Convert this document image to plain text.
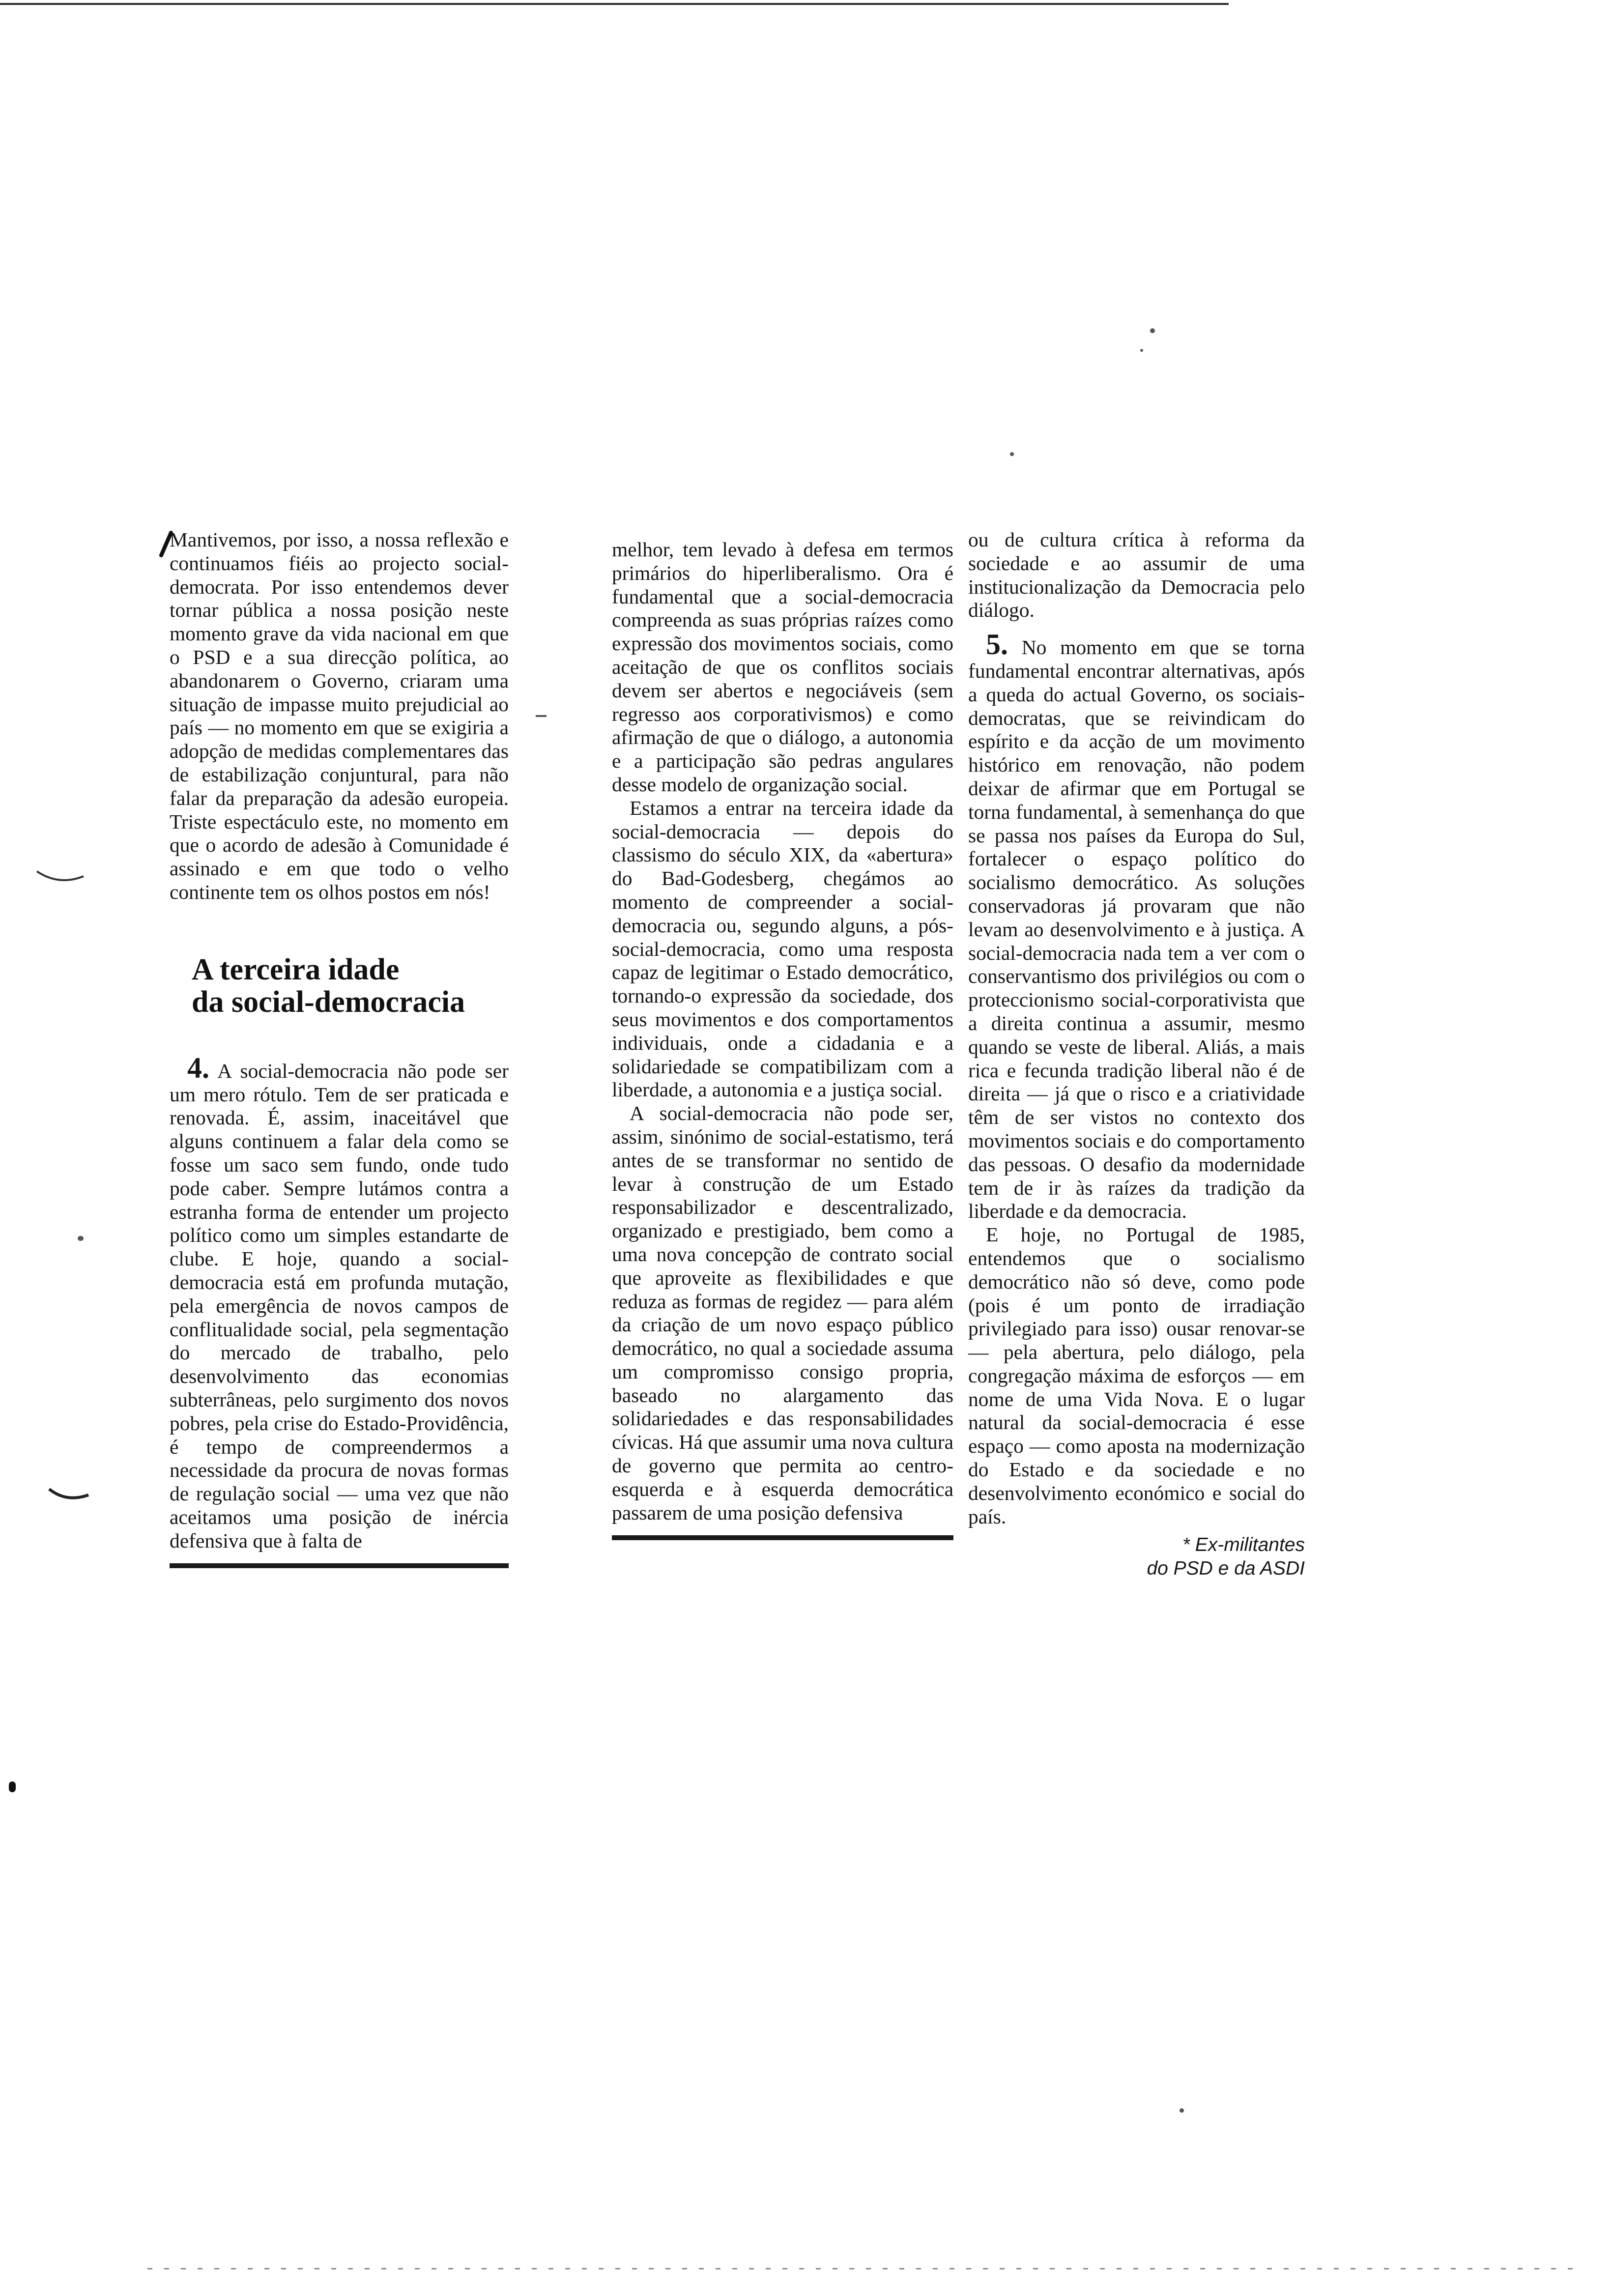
Mantivemos, por isso, a nossa reflexão e continuamos fiéis ao projecto social-democrata. Por isso entendemos dever tornar pública a nossa posição neste momento grave da vida nacional em que o PSD e a sua direcção política, ao abandonarem o Governo, criaram uma situação de impasse muito prejudicial ao país — no momento em que se exigiria a adopção de medidas complementares das de estabilização conjuntural, para não falar da preparação da adesão europeia. Triste espectáculo este, no momento em que o acordo de adesão à Comunidade é assinado e em que todo o velho continente tem os olhos postos em nós!

A terceira idade
da social-democracia

4. A social-democracia não pode ser um mero rótulo. Tem de ser praticada e renovada. É, assim, inaceitável que alguns continuem a falar dela como se fosse um saco sem fundo, onde tudo pode caber. Sempre lutámos contra a estranha forma de entender um projecto político como um simples estandarte de clube. E hoje, quando a social-democracia está em profunda mutação, pela emergência de novos campos de conflitualidade social, pela segmentação do mercado de trabalho, pelo desenvolvimento das economias subterrâneas, pelo surgimento dos novos pobres, pela crise do Estado-Providência, é tempo de compreendermos a necessidade da procura de novas formas de regulação social — uma vez que não aceitamos uma posição de inércia defensiva que à falta de

melhor, tem levado à defesa em termos primários do hiperliberalismo. Ora é fundamental que a social-democracia compreenda as suas próprias raízes como expressão dos movimentos sociais, como aceitação de que os conflitos sociais devem ser abertos e negociáveis (sem regresso aos corporativismos) e como afirmação de que o diálogo, a autonomia e a participação são pedras angulares desse modelo de organização social.

Estamos a entrar na terceira idade da social-democracia — depois do classismo do século XIX, da «abertura» do Bad-Godesberg, chegámos ao momento de compreender a social-democracia ou, segundo alguns, a pós-social-democracia, como uma resposta capaz de legitimar o Estado democrático, tornando-o expressão da sociedade, dos seus movimentos e dos comportamentos individuais, onde a cidadania e a solidariedade se compatibilizam com a liberdade, a autonomia e a justiça social.

A social-democracia não pode ser, assim, sinónimo de social-estatismo, terá antes de se transformar no sentido de levar à construção de um Estado responsabilizador e descentralizado, organizado e prestigiado, bem como a uma nova concepção de contrato social que aproveite as flexibilidades e que reduza as formas de regidez — para além da criação de um novo espaço público democrático, no qual a sociedade assuma um compromisso consigo propria, baseado no alargamento das solidariedades e das responsabilidades cívicas. Há que assumir uma nova cultura de governo que permita ao centro-esquerda e à esquerda democrática passarem de uma posição defensiva

ou de cultura crítica à reforma da sociedade e ao assumir de uma institucionalização da Democracia pelo diálogo.

5. No momento em que se torna fundamental encontrar alternativas, após a queda do actual Governo, os sociais-democratas, que se reivindicam do espírito e da acção de um movimento histórico em renovação, não podem deixar de afirmar que em Portugal se torna fundamental, à semenhança do que se passa nos países da Europa do Sul, fortalecer o espaço político do socialismo democrático. As soluções conservadoras já provaram que não levam ao desenvolvimento e à justiça. A social-democracia nada tem a ver com o conservantismo dos privilégios ou com o proteccionismo social-corporativista que a direita continua a assumir, mesmo quando se veste de liberal. Aliás, a mais rica e fecunda tradição liberal não é de direita — já que o risco e a criatividade têm de ser vistos no contexto dos movimentos sociais e do comportamento das pessoas. O desafio da modernidade tem de ir às raízes da tradição da liberdade e da democracia.

E hoje, no Portugal de 1985, entendemos que o socialismo democrático não só deve, como pode (pois é um ponto de irradiação privilegiado para isso) ousar renovar-se — pela abertura, pelo diálogo, pela congregação máxima de esforços — em nome de uma Vida Nova. E o lugar natural da social-democracia é esse espaço — como aposta na modernização do Estado e da sociedade e no desenvolvimento económico e social do país.

* Ex-militantes
do PSD e da ASDI
